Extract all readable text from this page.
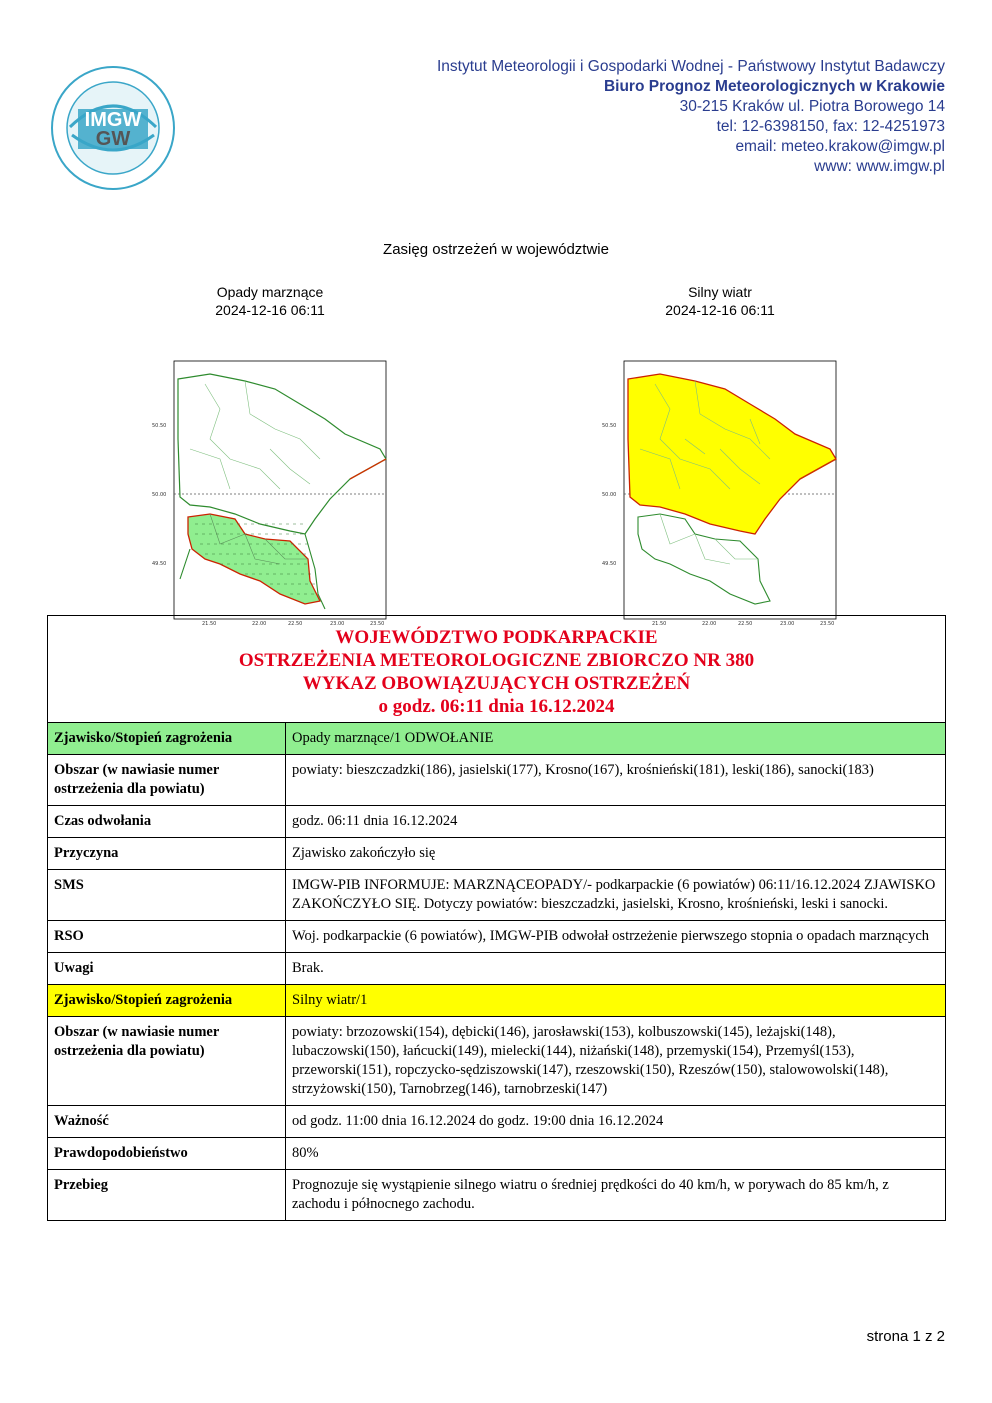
IMGW
GW
Instytut Meteorologii i Gospodarki Wodnej - Państwowy Instytut Badawczy
Biuro Prognoz Meteorologicznych w Krakowie
30-215 Kraków ul. Piotra Borowego 14
tel: 12-6398150, fax: 12-4251973
email: meteo.krakow@imgw.pl
www: www.imgw.pl
Zasięg ostrzeżeń w województwie
Opady marznące
2024-12-16 06:11
50.50
50.00
49.50
21.50	22.00	22.50	23.00	23.50
Silny wiatr
2024-12-16 06:11
50.50
50.00
49.50
21.50	22.00	22.50	23.00	23.50
WOJEWÓDZTWO PODKARPACKIE
OSTRZEŻENIA METEOROLOGICZNE ZBIORCZO NR 380
WYKAZ OBOWIĄZUJĄCYCH OSTRZEŻEŃ
o godz. 06:11 dnia 16.12.2024	

Zjawisko/Stopień zagrożenia	Opady marznące/1 ODWOŁANIE
Obszar (w nawiasie numer ostrzeżenia dla powiatu)	powiaty: bieszczadzki(186), jasielski(177), Krosno(167), krośnieński(181), leski(186), sanocki(183)
Czas odwołania	godz. 06:11 dnia 16.12.2024
Przyczyna	Zjawisko zakończyło się
SMS	IMGW-PIB INFORMUJE: MARZNĄCEOPADY/- podkarpackie (6 powiatów) 06:11/16.12.2024 ZJAWISKO ZAKOŃCZYŁO SIĘ. Dotyczy powiatów: bieszczadzki, jasielski, Krosno, krośnieński, leski i sanocki.
RSO	Woj. podkarpackie (6 powiatów), IMGW-PIB odwołał ostrzeżenie pierwszego stopnia o opadach marznących
Uwagi	Brak.
Zjawisko/Stopień zagrożenia	Silny wiatr/1
Obszar (w nawiasie numer ostrzeżenia dla powiatu)	powiaty: brzozowski(154), dębicki(146), jarosławski(153), kolbuszowski(145), leżajski(148), lubaczowski(150), łańcucki(149), mielecki(144), niżański(148), przemyski(154), Przemyśl(153), przeworski(151), ropczycko-sędziszowski(147), rzeszowski(150), Rzeszów(150), stalowowolski(148), strzyżowski(150), Tarnobrzeg(146), tarnobrzeski(147)
Ważność	od godz. 11:00 dnia 16.12.2024 do godz. 19:00 dnia 16.12.2024
Prawdopodobieństwo	80%
Przebieg	Prognozuje się wystąpienie silnego wiatru o średniej prędkości do 40 km/h, w porywach do 85 km/h, z zachodu i północnego zachodu.
strona 1 z 2
